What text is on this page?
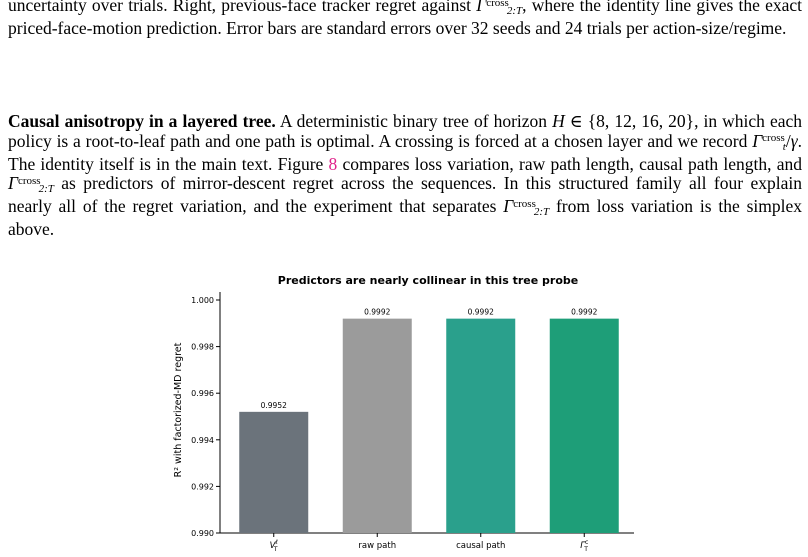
uncertainty over trials. Right, previous-face tracker regret against $\Gamma^{cross}2:T$, where the identity line gives the exact priced-face-motion prediction. Error bars are standard errors over 32 seeds and 24 trials per action-size/regime.
Causal anisotropy in a layered tree. A deterministic binary tree of horizon H ∈ {8, 12, 16, 20}, in which each policy is a root-to-leaf path and one path is optimal. A crossing is forced at a chosen layer and we record $\Gamma^{cross}t/\gamma$. The identity itself is in the main text. Figure 8 compares loss variation, raw path length, causal path length, and $\Gamma^{cross}2:T$ as predictors of mirror-descent regret across the sequences. In this structured family all four explain nearly all of the regret variation, and the experiment that separates $\Gamma^{cross}2:T$ from loss variation is the simplex above.
Predictors are nearly collinear in this tree probe
R² with factorized-MD regret
0.990
0.992
0.994
0.996
0.998
1.000
0.9952
$V^\ell$ T
0.9992
raw path
0.9992
causal path
0.9992
$\Gamma^c$ T
